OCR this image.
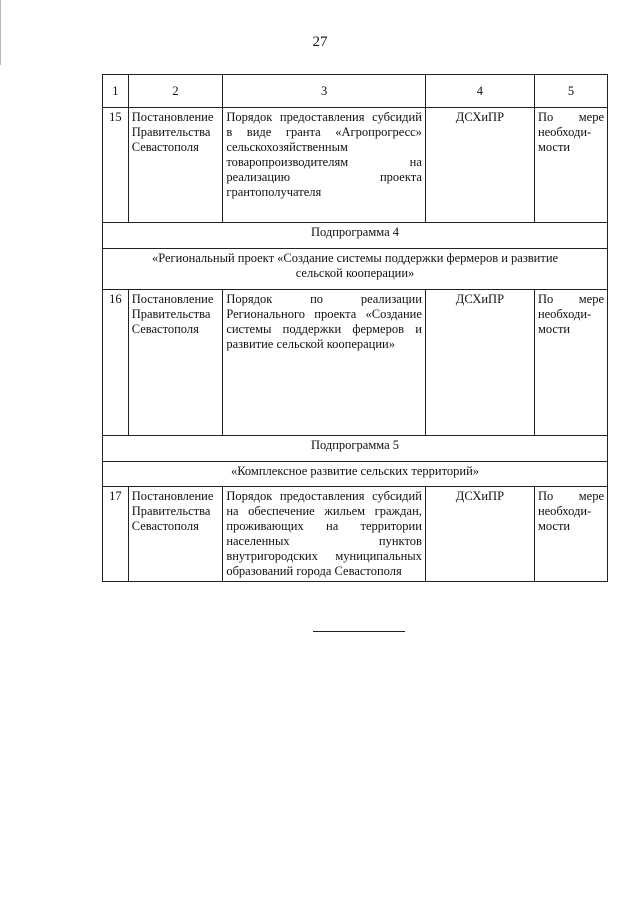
27
1	2	3	4	5
15	Постановление Правительства Севастополя	Порядок предоставления субсидий в виде гранта «Агропрогресс» сельскохозяйственным товаропроизводителям на реализацию проекта грантополучателя	ДСХиПР	По мере необходи-мости
Подпрограмма 4				
«Региональный проект «Создание системы поддержки фермеров и развитие сельской кооперации»				
16	Постановление Правительства Севастополя	Порядок по реализации Регионального проекта «Создание системы поддержки фермеров и развитие сельской кооперации»	ДСХиПР	По мере необходи-мости
Подпрограмма 5				
«Комплексное развитие сельских территорий»				
17	Постановление Правительства Севастополя	Порядок предоставления субсидий на обеспечение жильем граждан, проживающих на территории населенных пунктов внутригородских муниципальных образований города Севастополя	ДСХиПР	По мере необходи-мости
